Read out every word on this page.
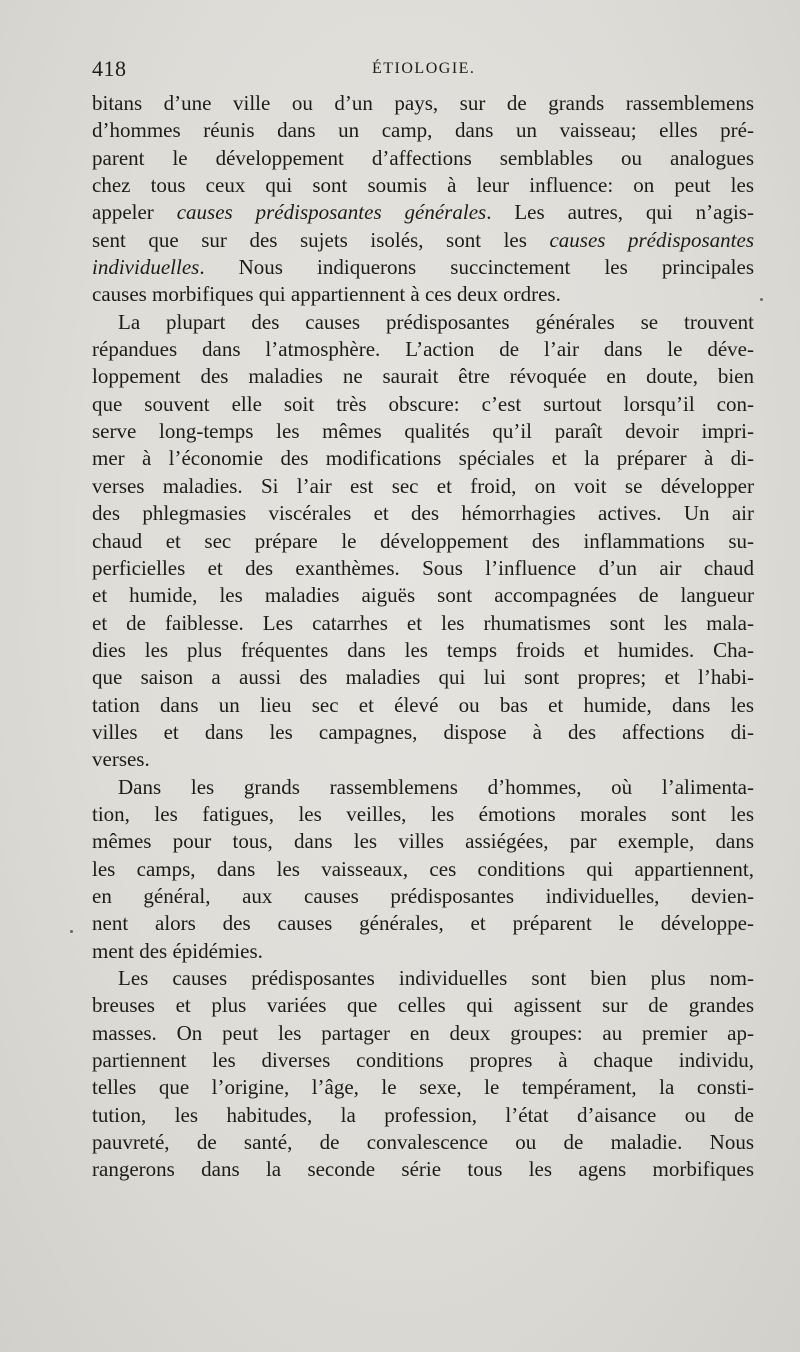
418	ÉTIOLOGIE.
bitans d’une ville ou d’un pays, sur de grands rassemblemens
d’hommes réunis dans un camp, dans un vaisseau; elles pré-
parent le développement d’affections semblables ou analogues
chez tous ceux qui sont soumis à leur influence: on peut les
appeler causes prédisposantes générales. Les autres, qui n’agis-
sent que sur des sujets isolés, sont les causes prédisposantes
individuelles. Nous indiquerons succinctement les principales
causes morbifiques qui appartiennent à ces deux ordres.
La plupart des causes prédisposantes générales se trouvent
répandues dans l’atmosphère. L’action de l’air dans le déve-
loppement des maladies ne saurait être révoquée en doute, bien
que souvent elle soit très obscure: c’est surtout lorsqu’il con-
serve long-temps les mêmes qualités qu’il paraît devoir impri-
mer à l’économie des modifications spéciales et la préparer à di-
verses maladies. Si l’air est sec et froid, on voit se développer
des phlegmasies viscérales et des hémorrhagies actives. Un air
chaud et sec prépare le développement des inflammations su-
perficielles et des exanthèmes. Sous l’influence d’un air chaud
et humide, les maladies aiguës sont accompagnées de langueur
et de faiblesse. Les catarrhes et les rhumatismes sont les mala-
dies les plus fréquentes dans les temps froids et humides. Cha-
que saison a aussi des maladies qui lui sont propres; et l’habi-
tation dans un lieu sec et élevé ou bas et humide, dans les
villes et dans les campagnes, dispose à des affections di-
verses.
Dans les grands rassemblemens d’hommes, où l’alimenta-
tion, les fatigues, les veilles, les émotions morales sont les
mêmes pour tous, dans les villes assiégées, par exemple, dans
les camps, dans les vaisseaux, ces conditions qui appartiennent,
en général, aux causes prédisposantes individuelles, devien-
nent alors des causes générales, et préparent le développe-
ment des épidémies.
Les causes prédisposantes individuelles sont bien plus nom-
breuses et plus variées que celles qui agissent sur de grandes
masses. On peut les partager en deux groupes: au premier ap-
partiennent les diverses conditions propres à chaque individu,
telles que l’origine, l’âge, le sexe, le tempérament, la consti-
tution, les habitudes, la profession, l’état d’aisance ou de
pauvreté, de santé, de convalescence ou de maladie. Nous
rangerons dans la seconde série tous les agens morbifiques
